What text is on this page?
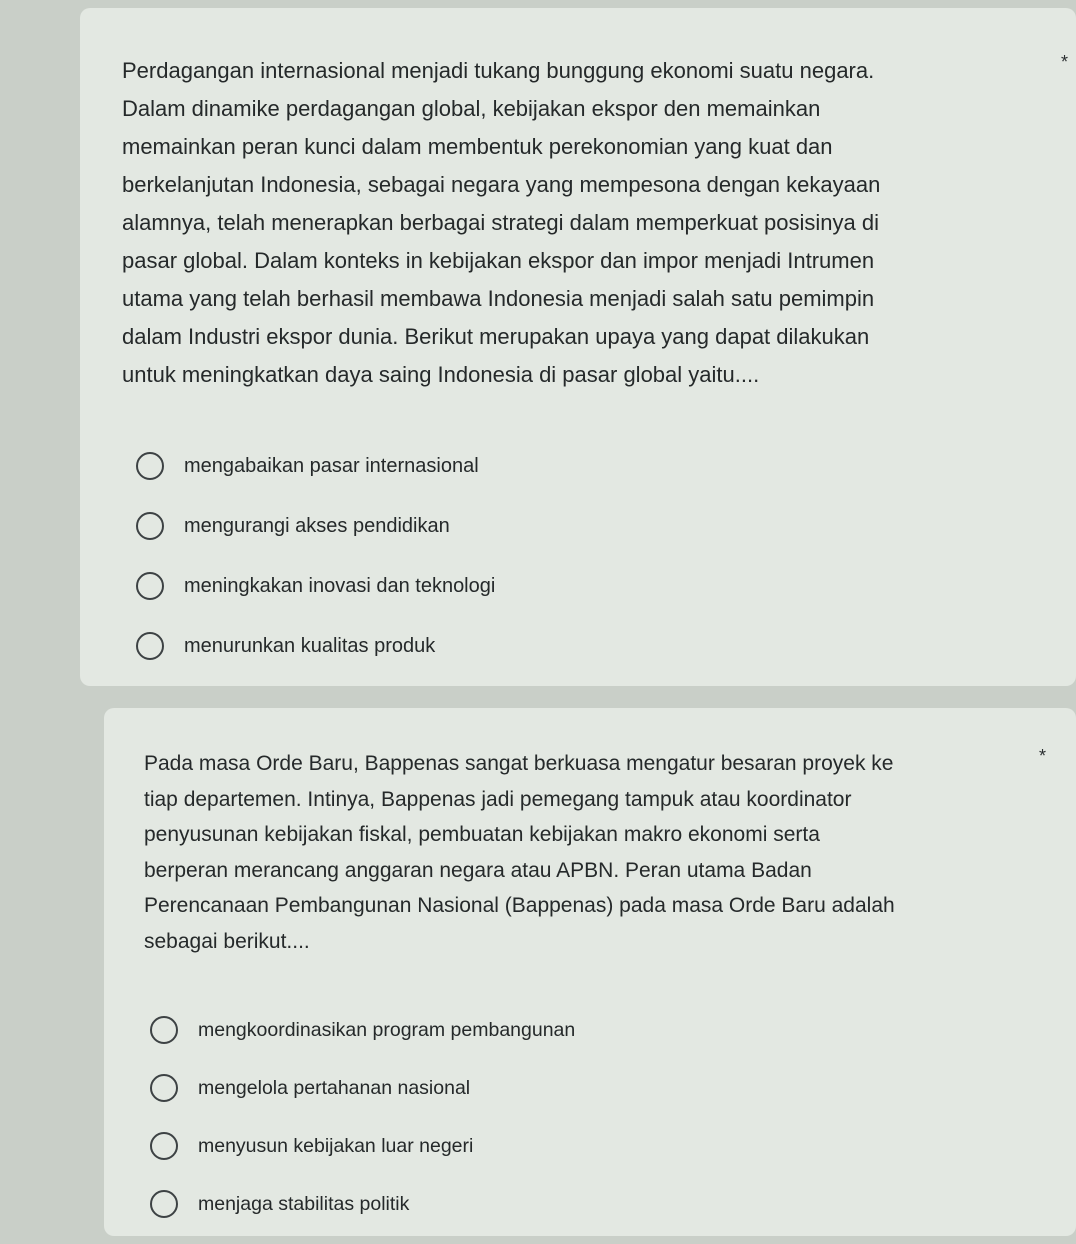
*

Perdagangan internasional menjadi tukang bunggung ekonomi suatu negara.
Dalam dinamike perdagangan global, kebijakan ekspor den memainkan
memainkan peran kunci dalam membentuk perekonomian yang kuat dan
berkelanjutan Indonesia, sebagai negara yang mempesona dengan kekayaan
alamnya, telah menerapkan berbagai strategi dalam memperkuat posisinya di
pasar global. Dalam konteks in kebijakan ekspor dan impor menjadi Intrumen
utama yang telah berhasil membawa Indonesia menjadi salah satu pemimpin
dalam Industri ekspor dunia. Berikut merupakan upaya yang dapat dilakukan
untuk meningkatkan daya saing Indonesia di pasar global yaitu....

mengabaikan pasar internasional
mengurangi akses pendidikan
meningkakan inovasi dan teknologi
menurunkan kualitas produk
*

Pada masa Orde Baru, Bappenas sangat berkuasa mengatur besaran proyek ke
tiap departemen. Intinya, Bappenas jadi pemegang tampuk atau koordinator
penyusunan kebijakan fiskal, pembuatan kebijakan makro ekonomi serta
berperan merancang anggaran negara atau APBN. Peran utama Badan
Perencanaan Pembangunan Nasional (Bappenas) pada masa Orde Baru adalah
sebagai berikut....

mengkoordinasikan program pembangunan
mengelola pertahanan nasional
menyusun kebijakan luar negeri
menjaga stabilitas politik
